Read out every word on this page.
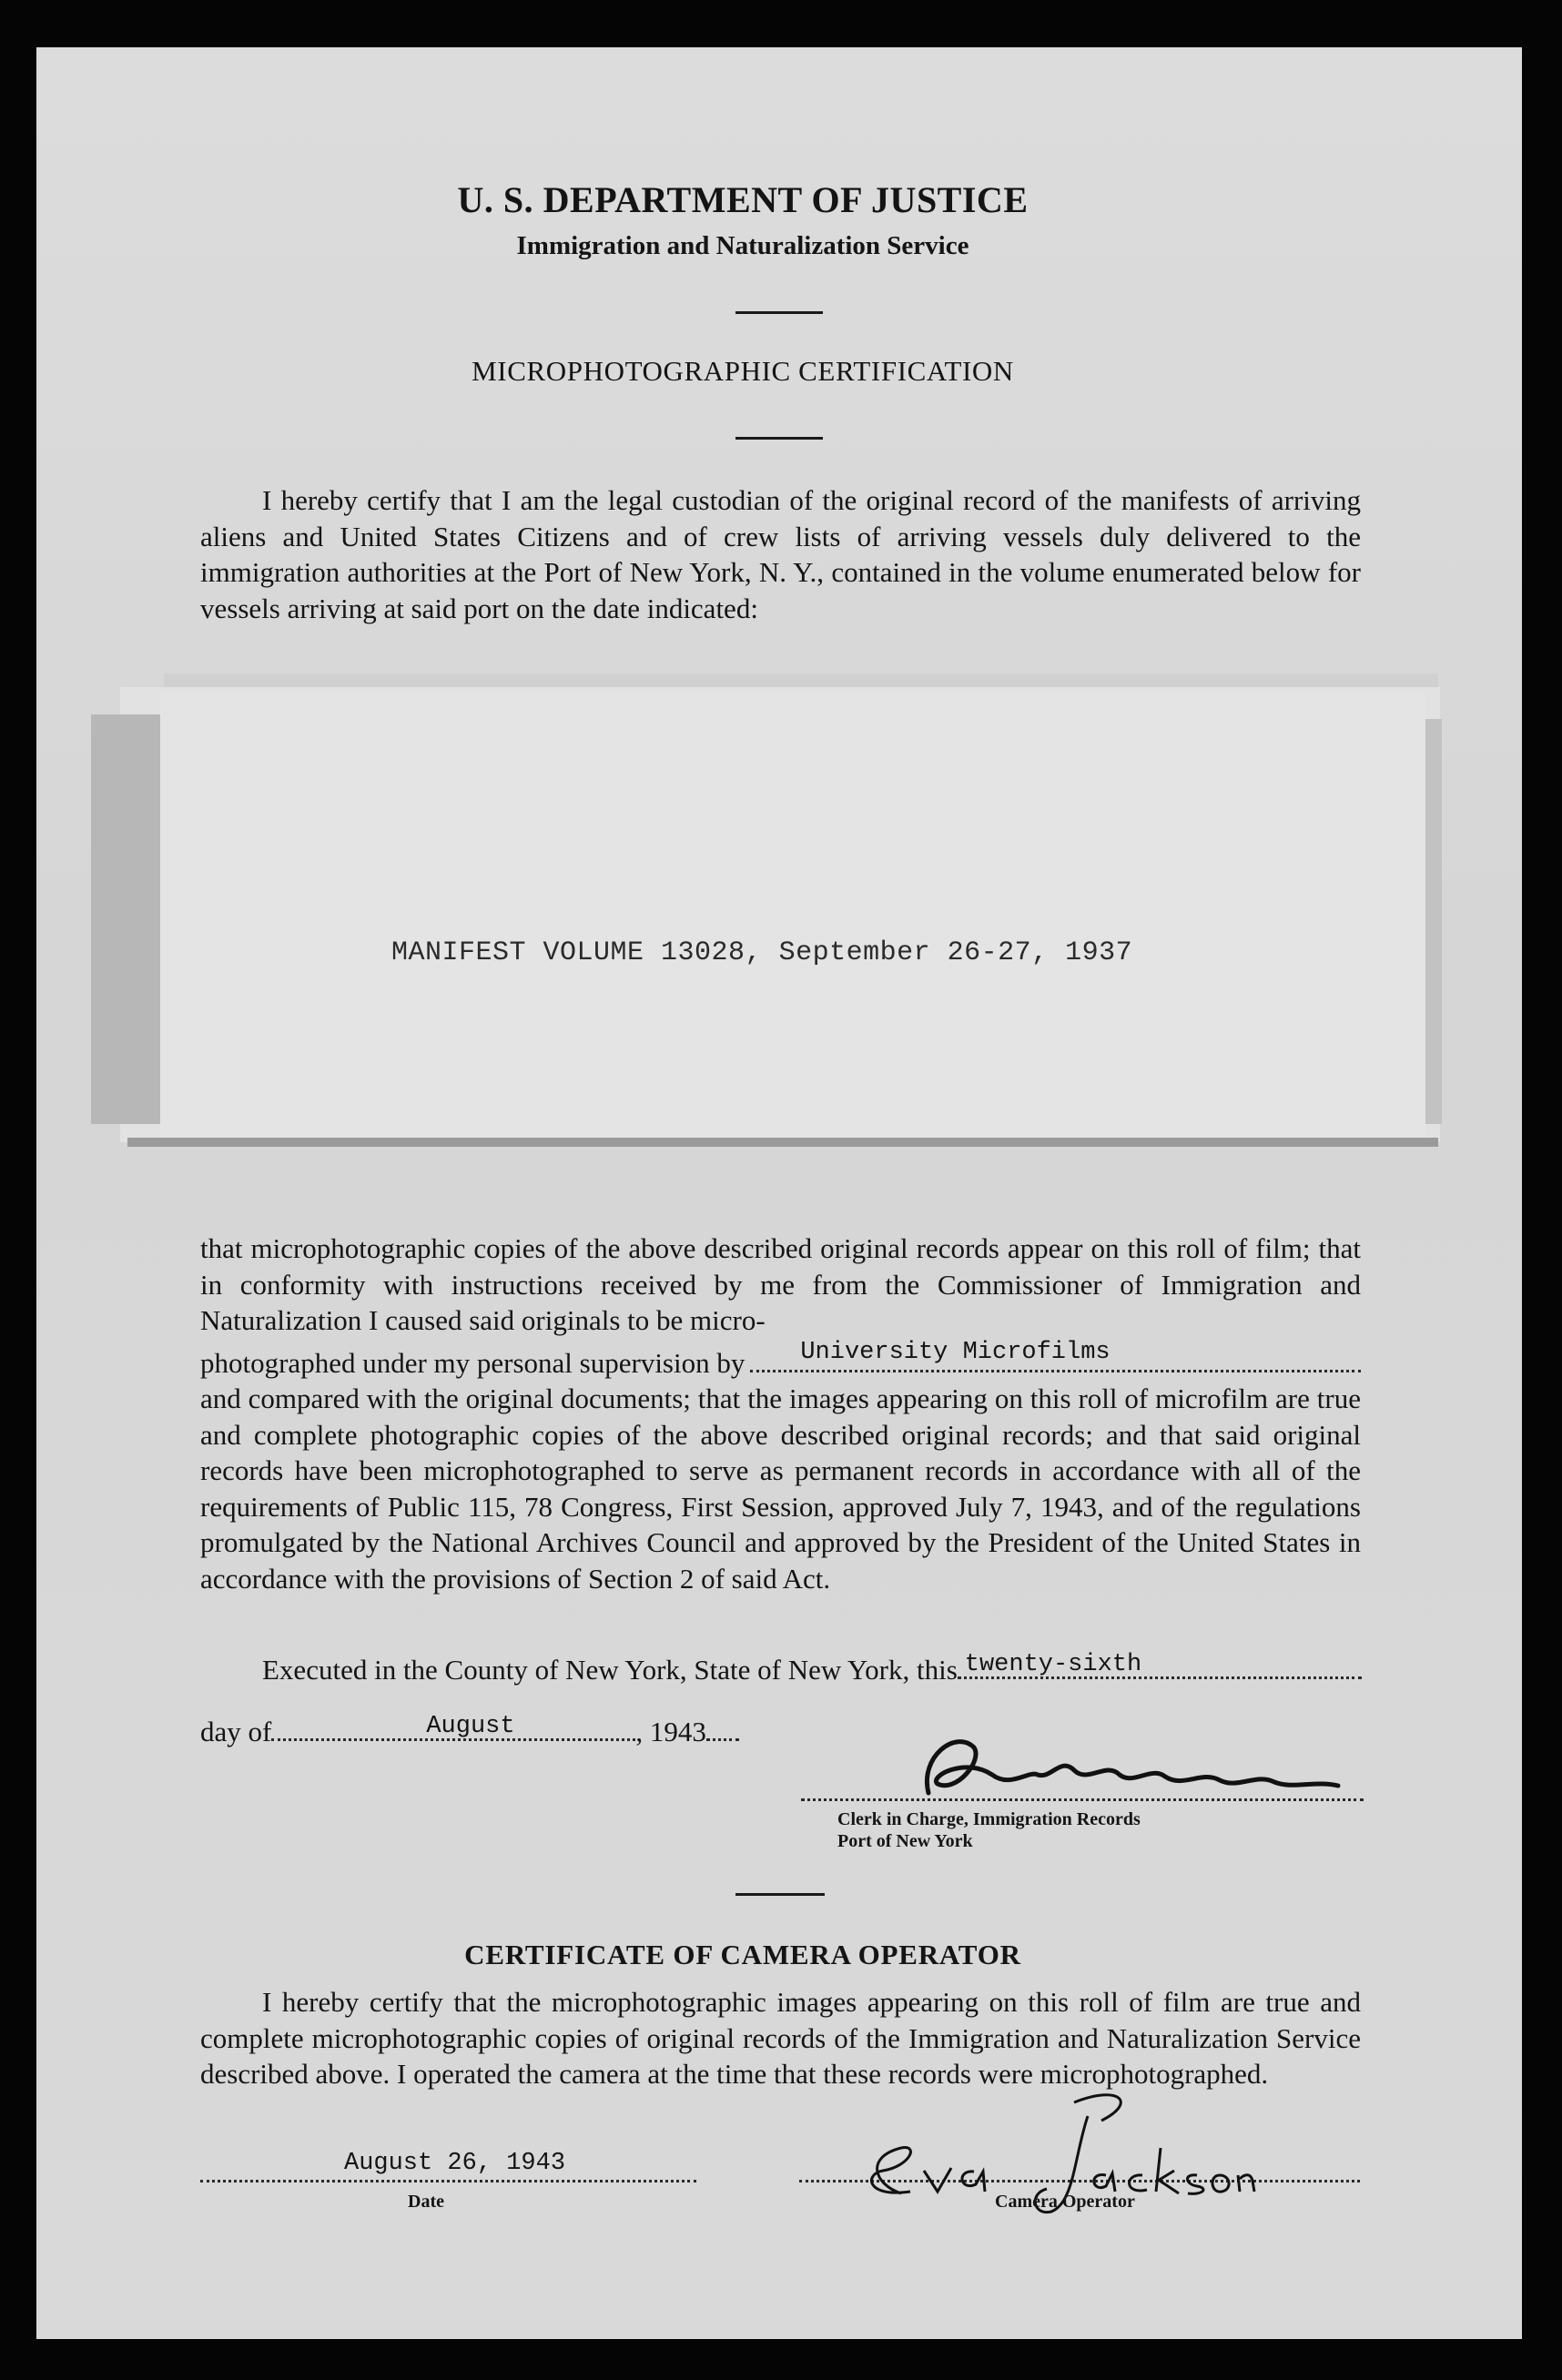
U. S. DEPARTMENT OF JUSTICE
Immigration and Naturalization Service
MICROPHOTOGRAPHIC CERTIFICATION

I hereby certify that I am the legal custodian of the original record of the manifests of arriving aliens and United States Citizens and of crew lists of arriving vessels duly delivered to the immigration authorities at the Port of New York, N. Y., contained in the volume enumerated below for vessels arriving at said port on the date indicated:

MANIFEST VOLUME 13028, September 26-27, 1937

that microphotographic copies of the above described original records appear on this roll of film; that in conformity with instructions received by me from the Commissioner of Immigration and Naturalization I caused said originals to be micro-

photographed under my personal supervision by University Microfilms

and compared with the original documents; that the images appearing on this roll of microfilm are true and complete photographic copies of the above described original records; and that said original records have been microphotographed to serve as permanent records in accordance with all of the requirements of Public 115, 78 Congress, First Session, approved July 7, 1943, and of the regulations promulgated by the National Archives Council and approved by the President of the United States in accordance with the provisions of Section 2 of said Act.

Executed in the County of New York, State of New York, this twenty-sixth
day of	August	, 1943
Clerk in Charge, Immigration Records
Port of New York
CERTIFICATE OF CAMERA OPERATOR

I hereby certify that the microphotographic images appearing on this roll of film are true and complete microphotographic copies of original records of the Immigration and Naturalization Service described above. I operated the camera at the time that these records were microphotographed.

August 26, 1943
Date	Camera Operator
